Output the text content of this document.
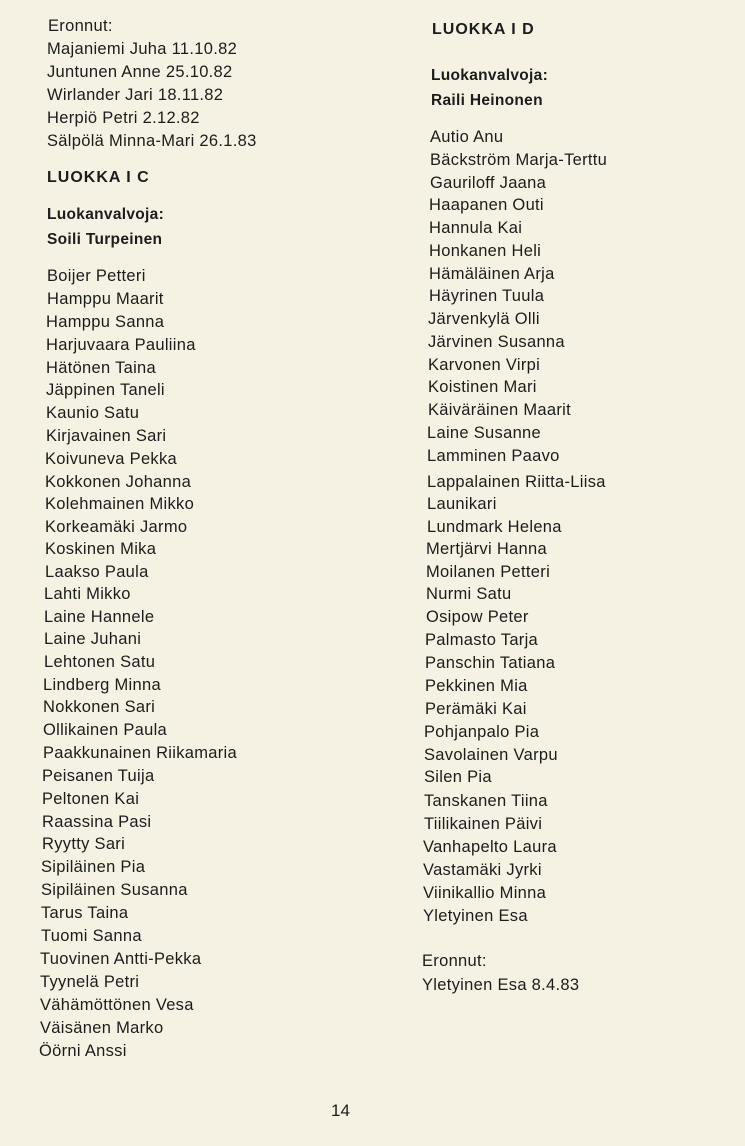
Eronnut:
Majaniemi Juha 11.10.82
Juntunen Anne 25.10.82
Wirlander Jari 18.11.82
Herpiö Petri 2.12.82
Sälpölä Minna-Mari 26.1.83
LUOKKA I C
Luokanvalvoja:
Soili Turpeinen
Boijer Petteri
Hamppu Maarit
Hamppu Sanna
Harjuvaara Pauliina
Hätönen Taina
Jäppinen Taneli
Kaunio Satu
Kirjavainen Sari
Koivuneva Pekka
Kokkonen Johanna
Kolehmainen Mikko
Korkeamäki Jarmo
Koskinen Mika
Laakso Paula
Lahti Mikko
Laine Hannele
Laine Juhani
Lehtonen Satu
Lindberg Minna
Nokkonen Sari
Ollikainen Paula
Paakkunainen Riikamaria
Peisanen Tuija
Peltonen Kai
Raassina Pasi
Ryytty Sari
Sipiläinen Pia
Sipiläinen Susanna
Tarus Taina
Tuomi Sanna
Tuovinen Antti-Pekka
Tyynelä Petri
Vähämöttönen Vesa
Väisänen Marko
Öörni Anssi
LUOKKA I D
Luokanvalvoja:
Raili Heinonen
Autio Anu
Bäckström Marja-Terttu
Gauriloff Jaana
Haapanen Outi
Hannula Kai
Honkanen Heli
Hämäläinen Arja
Häyrinen Tuula
Järvenkylä Olli
Järvinen Susanna
Karvonen Virpi
Koistinen Mari
Käiväräinen Maarit
Laine Susanne
Lamminen Paavo
Lappalainen Riitta-Liisa
Launikari
Lundmark Helena
Mertjärvi Hanna
Moilanen Petteri
Nurmi Satu
Osipow Peter
Palmasto Tarja
Panschin Tatiana
Pekkinen Mia
Perämäki Kai
Pohjanpalo Pia
Savolainen Varpu
Silen Pia
Tanskanen Tiina
Tiilikainen Päivi
Vanhapelto Laura
Vastamäki Jyrki
Viinikallio Minna
Yletyinen Esa
Eronnut:
Yletyinen Esa 8.4.83
14
